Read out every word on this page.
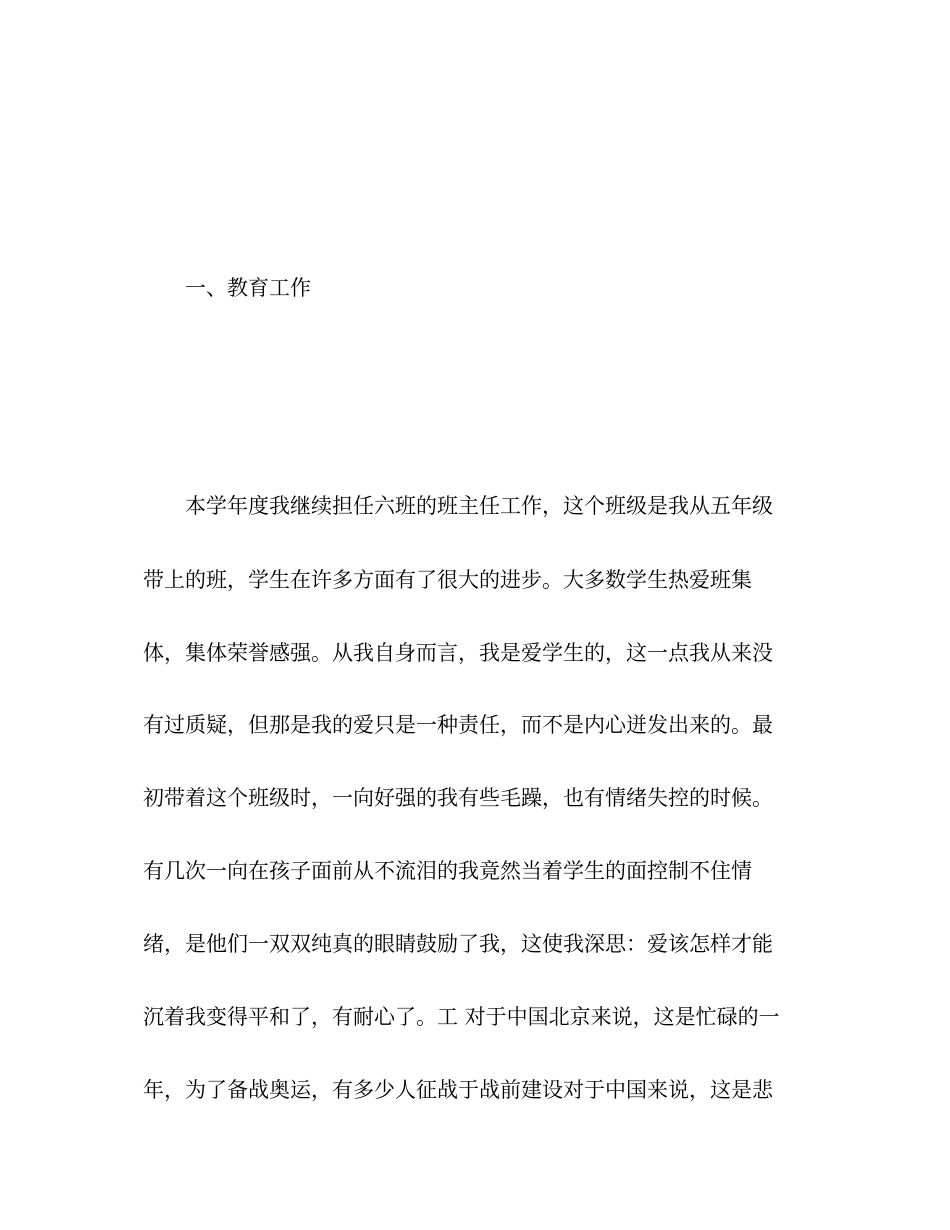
一、教育工作
本学年度我继续担任六班的班主任工作，这个班级是我从五年级
带上的班，学生在许多方面有了很大的进步。大多数学生热爱班集
体，集体荣誉感强。从我自身而言，我是爱学生的，这一点我从来没
有过质疑，但那是我的爱只是一种责任，而不是内心迸发出来的。最
初带着这个班级时，一向好强的我有些毛躁，也有情绪失控的时候。
有几次一向在孩子面前从不流泪的我竟然当着学生的面控制不住情
绪，是他们一双双纯真的眼睛鼓励了我，这使我深思：爱该怎样才能
沉着我变得平和了，有耐心了。工 对于中国北京来说，这是忙碌的一
年，为了备战奥运，有多少人征战于战前建设对于中国来说，这是悲
